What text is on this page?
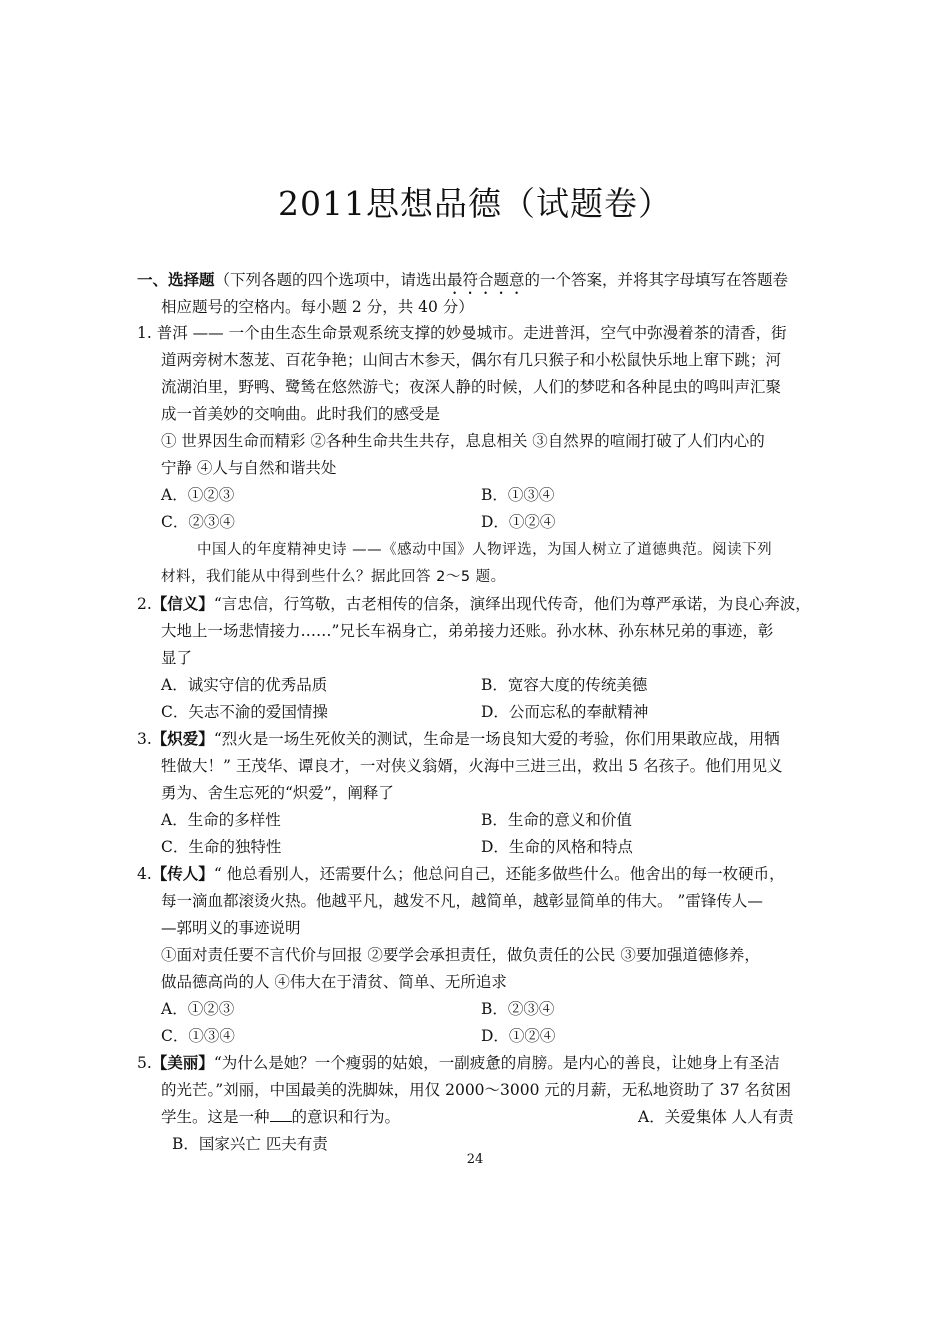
2011思想品德（试题卷）
一、选择题（下列各题的四个选项中，请选出最符合题意的一个答案，并将其字母填写在答题卷
相应题号的空格内。每小题 2 分，共 40 分）
1. 普洱 —— 一个由生态生命景观系统支撑的妙曼城市。走进普洱，空气中弥漫着茶的清香，街
道两旁树木葱茏、百花争艳；山间古木参天，偶尔有几只猴子和小松鼠快乐地上窜下跳；河
流湖泊里，野鸭、鹭鸶在悠然游弋；夜深人静的时候，人们的梦呓和各种昆虫的鸣叫声汇聚
成一首美妙的交响曲。此时我们的感受是
① 世界因生命而精彩 ②各种生命共生共存，息息相关 ③自然界的喧闹打破了人们内心的
宁静 ④人与自然和谐共处
A．①②③	B．①③④
C．②③④	D．①②④
中国人的年度精神史诗 ——《感动中国》人物评选，为国人树立了道德典范。阅读下列
材料，我们能从中得到些什么？据此回答 2～5 题。
2.【信义】“言忠信，行笃敬，古老相传的信条，演绎出现代传奇，他们为尊严承诺，为良心奔波，
大地上一场悲情接力……”兄长车祸身亡，弟弟接力还账。孙水林、孙东林兄弟的事迹，彰
显了
A．诚实守信的优秀品质	B．宽容大度的传统美德
C．矢志不渝的爱国情操	D．公而忘私的奉献精神
3.【炽爱】“烈火是一场生死攸关的测试，生命是一场良知大爱的考验，你们用果敢应战，用牺
牲做大！” 王茂华、谭良才，一对侠义翁婿，火海中三进三出，救出 5 名孩子。他们用见义
勇为、舍生忘死的“炽爱”，阐释了
A．生命的多样性	B．生命的意义和价值
C．生命的独特性	D．生命的风格和特点
4.【传人】“ 他总看别人，还需要什么；他总问自己，还能多做些什么。他舍出的每一枚硬币，
每一滴血都滚烫火热。他越平凡，越发不凡，越简单，越彰显简单的伟大。 ”雷锋传人—
—郭明义的事迹说明
①面对责任要不言代价与回报 ②要学会承担责任，做负责任的公民 ③要加强道德修养，
做品德高尚的人 ④伟大在于清贫、简单、无所追求
A．①②③	B．②③④
C．①③④	D．①②④
5.【美丽】“为什么是她？一个瘦弱的姑娘，一副疲惫的肩膀。是内心的善良，让她身上有圣洁
的光芒。”刘丽，中国最美的洗脚妹，用仅 2000～3000 元的月薪，无私地资助了 37 名贫困
学生。这是一种 的意识和行为。	A．关爱集体 人人有责
B．国家兴亡 匹夫有责
24
